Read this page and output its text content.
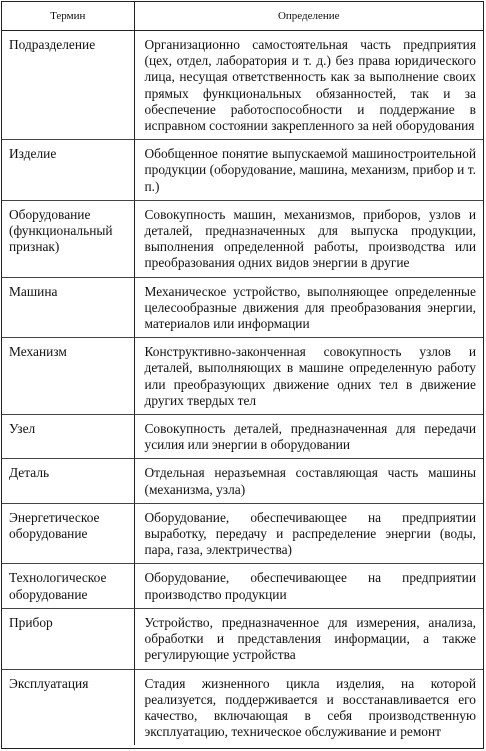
Термин	Определение
Подразделение	Организационно самостоятельная часть предприятия (цех, отдел, лаборатория и т. д.) без права юридического лица, несущая ответственность как за выполнение своих прямых функциональных обязанностей, так и за обеспечение работоспособности и поддержание в исправном состоянии закрепленного за ней оборудования
Изделие	Обобщенное понятие выпускаемой машиностроительной продукции (оборудование, машина, механизм, прибор и т. п.)
Оборудование (функциональный признак)	Совокупность машин, механизмов, приборов, узлов и деталей, предназначенных для выпуска продукции, выполнения определенной работы, производства или преобразования одних видов энергии в другие
Машина	Механическое устройство, выполняющее определенные целесообразные движения для преобразования энергии, материалов или информации
Механизм	Конструктивно-законченная совокупность узлов и деталей, выполняющих в машине определенную работу или преобразующих движение одних тел в движение других твердых тел
Узел	Совокупность деталей, предназначенная для передачи усилия или энергии в оборудовании
Деталь	Отдельная неразъемная составляющая часть машины (механизма, узла)
Энергетическое оборудование	Оборудование, обеспечивающее на предприятии выработку, передачу и распределение энергии (воды, пара, газа, электричества)
Технологическое оборудование	Оборудование, обеспечивающее на предприятии производство продукции
Прибор	Устройство, предназначенное для измерения, анализа, обработки и представления информации, а также регулирующие устройства
Эксплуатация	Стадия жизненного цикла изделия, на которой реализуется, поддерживается и восстанавливается его качество, включающая в себя производственную эксплуатацию, техническое обслуживание и ремонт
